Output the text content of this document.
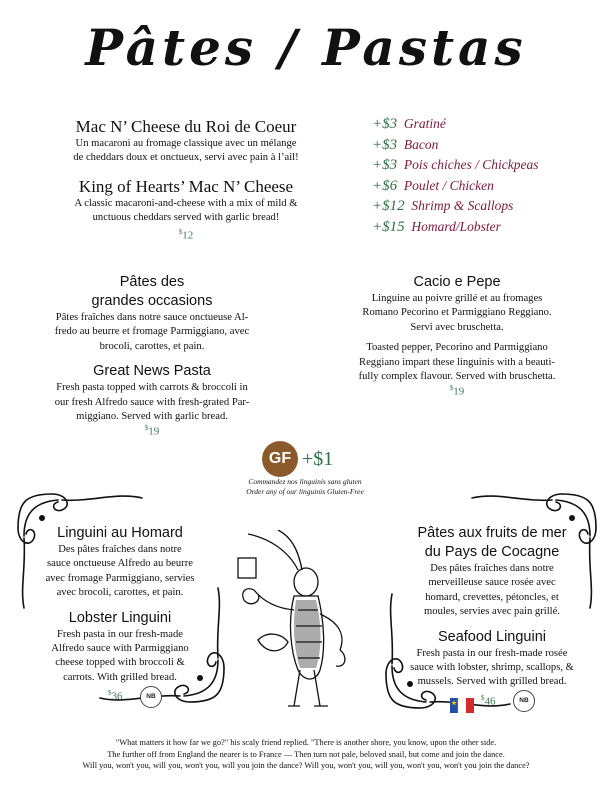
Pâtes / Pastas
Mac N’ Cheese du Roi de Coeur
Un macaroni au fromage classique avec un mélange
de cheddars doux et onctueux, servi avec pain à l’ail!
King of Hearts’ Mac N’ Cheese
A classic macaroni-and-cheese with a mix of mild &
unctuous cheddars served with garlic bread!
$12
+$3 Gratiné
+$3 Bacon
+$3 Pois chiches / Chickpeas
+$6 Poulet / Chicken
+$12 Shrimp & Scallops
+$15 Homard/Lobster
Pâtes des
grandes occasions
Pâtes fraîches dans notre sauce onctueuse Al-
fredo au beurre et fromage Parmiggiano, avec
brocoli, carottes, et pain.
Great News Pasta
Fresh pasta topped with carrots & broccoli in
our fresh Alfredo sauce with fresh-grated Par-
miggiano. Served with garlic bread.
$19
Cacio e Pepe
Linguine au poivre grillé et au fromages
Romano Pecorino et Parmiggiano Reggiano.
Servi avec bruschetta.
Toasted pepper, Pecorino and Parmiggiano
Reggiano impart these linguinis with a beauti-
fully complex flavour. Served with bruschetta.
$19
GF +$1
Commandez nos linguinis sans gluten
Order any of our linguinis Gluten-Free
Linguini au Homard
Des pâtes fraîches dans notre
sauce onctueuse Alfredo au beurre
avec fromage Parmiggiano, servies
avec brocoli, carottes, et pain.
Lobster Linguini
Fresh pasta in our fresh-made
Alfredo sauce with Parmiggiano
cheese topped with broccoli &
carrots. With grilled bread.
$36	NB
Pâtes aux fruits de mer
du Pays de Cocagne
Des pâtes fraîches dans notre
merveilleuse sauce rosée avec
homard, crevettes, pétoncles, et
moules, servies avec pain grillé.
Seafood Linguini
Fresh pasta in our fresh-made rosée
sauce with lobster, shrimp, scallops, &
mussels. Served with grilled bread.
$46	NB
"What matters it how far we go?" his scaly friend replied. "There is another shore, you know, upon the other side.
The further off from England the nearer is to France — Then turn not pale, beloved snail, but come and join the dance.
Will you, won't you, will you, won't you, will you join the dance? Will you, won't you, will you, won't you, won't you join the dance?
